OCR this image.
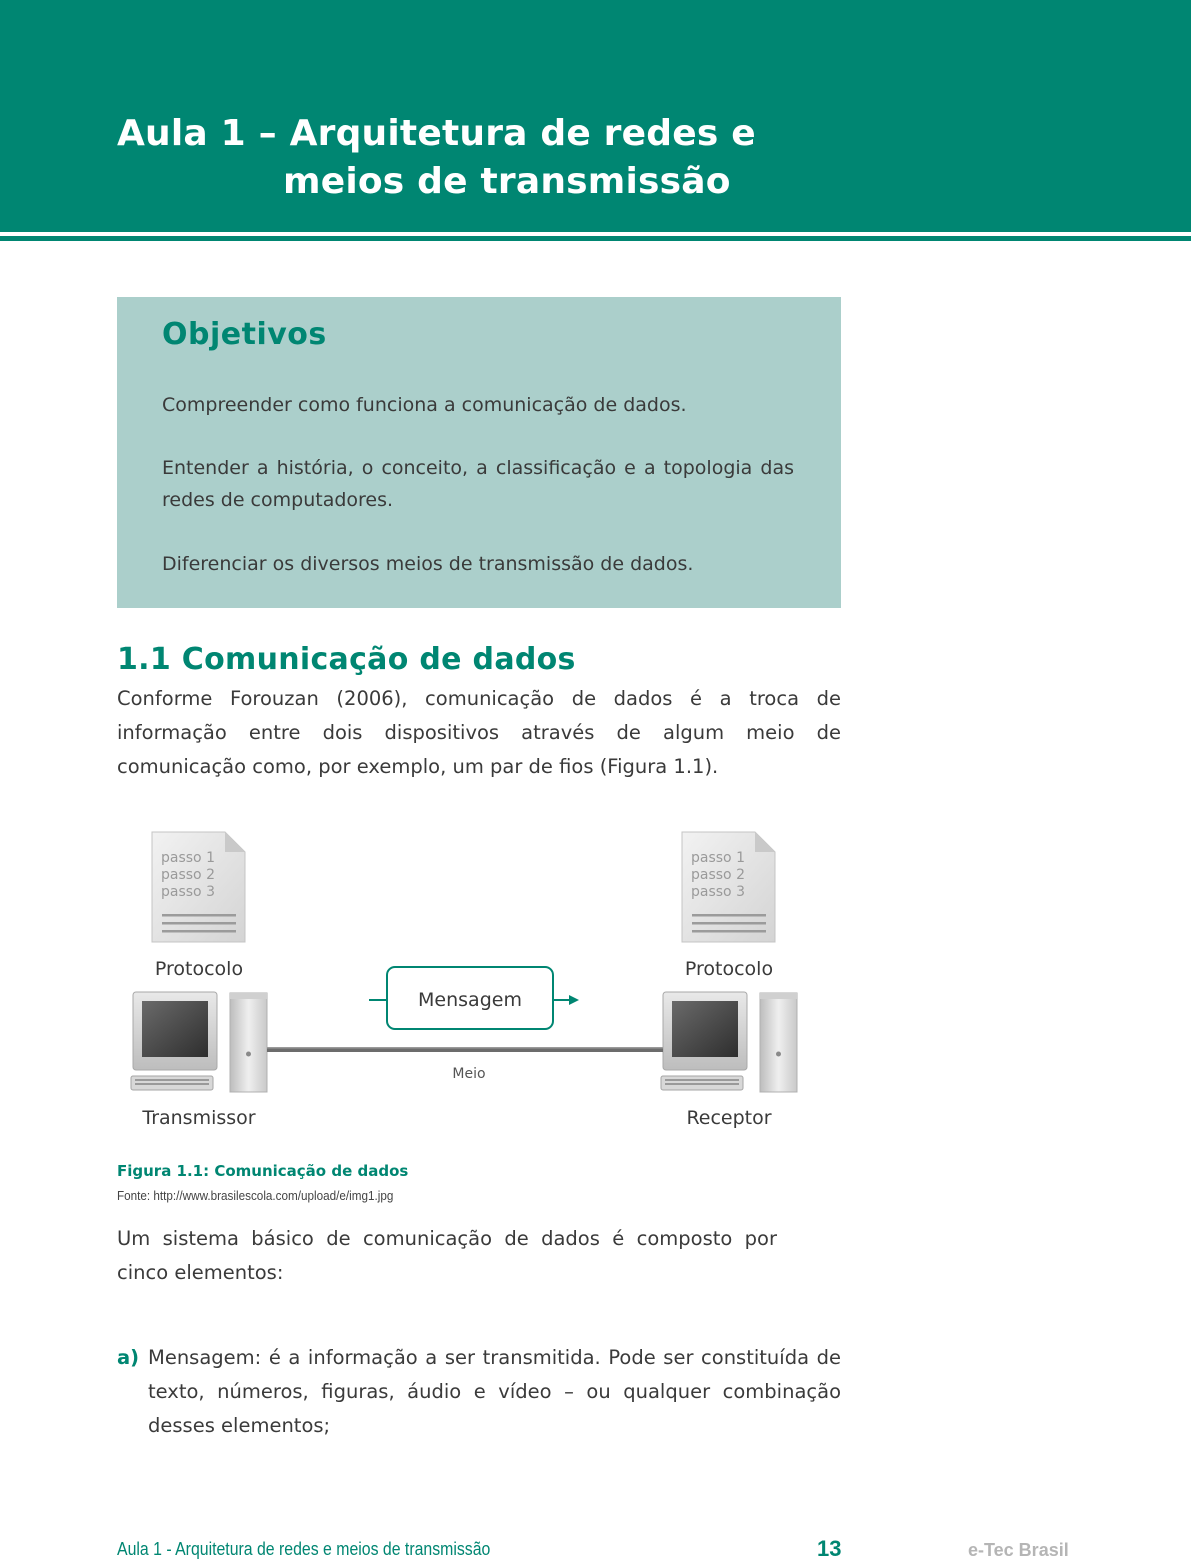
Aula 1 – Arquitetura de redes e
meios de transmissão
Objetivos

Compreender como funciona a comunicação de dados.

Entender a história, o conceito, a classificação e a topologia das redes de computadores.

Diferenciar os diversos meios de transmissão de dados.

1.1 Comunicação de dados

Conforme Forouzan (2006), comunicação de dados é a troca de informação entre dois dispositivos através de algum meio de comunicação como, por exemplo, um par de fios (Figura 1.1).

passo 1
passo 2
passo 3
passo 1
passo 2
passo 3
Protocolo	Protocolo
Mensagem
Meio
Transmissor	Receptor
Figura 1.1: Comunicação de dados
Fonte: http://www.brasilescola.com/upload/e/img1.jpg

Um sistema básico de comunicação de dados é composto por cinco elementos:

a) Mensagem: é a informação a ser transmitida. Pode ser constituída de texto, números, figuras, áudio e vídeo – ou qualquer combinação desses elementos;

Aula 1 - Arquitetura de redes e meios de transmissão	13	e-Tec Brasil
